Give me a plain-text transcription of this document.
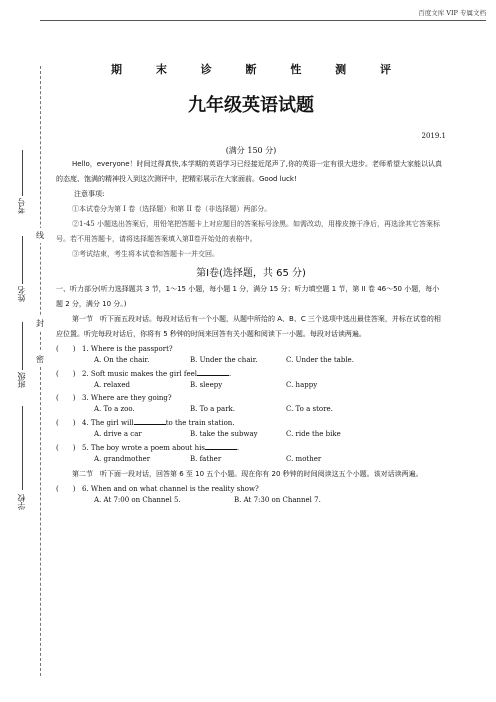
百度文库 VIP 专属文档
考号
线
姓名
封
班级
密
学校
期 末 诊 断 性 测 评
九年级英语试题
2019.1
(满分 150 分)
Hello，everyone！时间过得真快,本学期的英语学习已经接近尾声了,你的英语一定有很大进步。老师希望大家能以认真的态度、饱满的精神投入到这次测评中，把精彩展示在大家面前。Good luck!
注意事项:
①本试卷分为第 I 卷（选择题）和第 II 卷（非选择题）两部分。
②1-45 小题选出答案后，用铅笔把答题卡上对应题目的答案标号涂黑。如需改动，用橡皮擦干净后，再选涂其它答案标号。若不用答题卡，请将选择题答案填入第Ⅱ卷开始处的表格中。
③考试结束，考生将本试卷和答题卡一并交回。
第Ⅰ卷(选择题，共 65 分)
一、听力部分(听力选择题共 3 节，1～15 小题，每小题 1 分，满分 15 分；听力填空题 1 节，第 II 卷 46～50 小题，每小题 2 分，满分 10 分。)
第一节　听下面五段对话。每段对话后有一个小题，从题中所给的 A、B、C 三个选项中选出最佳答案，并标在试卷的相应位置。听完每段对话后，你将有 5 秒钟的时间来回答有关小题和阅读下一小题。每段对话读两遍。
(　　) 1. Where is the passport?
A. On the chair.	B. Under the chair.	C. Under the table.
(　　) 2. Soft music makes the girl feel	.
A. relaxed	B. sleepy	C. happy
(　　) 3. Where are they going?
A. To a zoo.	B. To a park.	C. To a store.
(　　) 4. The girl will	to the train station.
A. drive a car	B. take the subway	C. ride the bike
(　　) 5. The boy wrote a poem about his	.
A. grandmother	B. father	C. mother
第二节　听下面一段对话，回答第 6 至 10 五个小题。现在你有 20 秒钟的时间阅读这五个小题。该对话读两遍。
(　　) 6. When and on what channel is the reality show?
A. At 7:00 on Channel 5.	B. At 7:30 on Channel 7.
